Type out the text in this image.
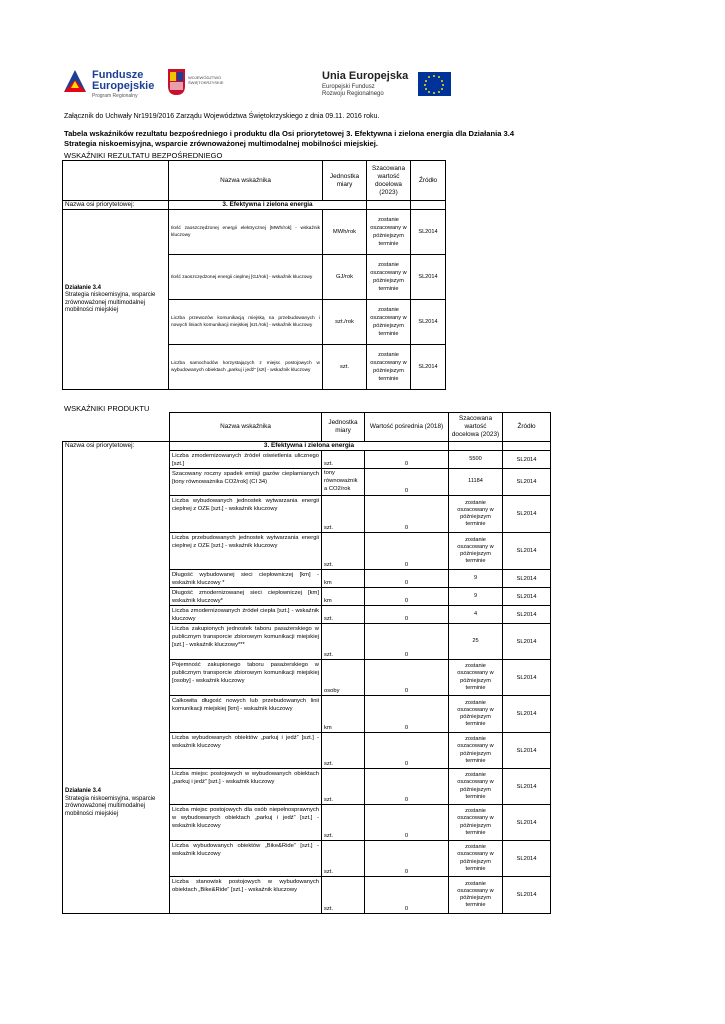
Fundusze
Europejskie
Program Regionalny
WOJEWÓDZTWO ŚWIĘTOKRZYSKIE
Unia Europejska
Europejski Fundusz
Rozwoju Regionalnego
Załącznik do Uchwały Nr1919/2016 Zarządu Województwa Świętokrzyskiego z dnia 09.11. 2016 roku.
Tabela wskaźników rezultatu bezpośredniego i produktu dla Osi priorytetowej 3. Efektywna i zielona energia dla Działania 3.4
Strategia niskoemisyjna, wsparcie zrównoważonej multimodalnej mobilności miejskiej.
WSKAŹNIKI REZULTATU BEZPOŚREDNIEGO
	Nazwa wskaźnika	Jednostka miary	Szacowana wartość docelowa (2023)	Źródło
Nazwa osi priorytetowej:	3. Efektywna i zielona energia			

Działanie 3.4
Strategia niskoemisyjna, wsparcie zrównoważonej multimodalnej mobilności miejskiej	Ilość zaoszczędzonej energii elektrycznej [MWh/rok] - wskaźnik kluczowy	MWh/rok	zostanie oszacowany w późniejszym terminie	SL2014
	Ilość zaoszczędzonej energii cieplnej [GJ/rok] - wskaźnik kluczowy	GJ/rok	zostanie oszacowany w późniejszym terminie	SL2014
	Liczba przewozów komunikacją miejską na przebudowanych i nowych liniach komunikacji miejskiej [szt./rok] - wskaźnik kluczowy	szt./rok	zostanie oszacowany w późniejszym terminie	SL2014
	Liczba samochodów korzystających z miejsc postojowych w wybudowanych obiektach „parkuj i jedź” [szt] - wskaźnik kluczowy	szt.	zostanie oszacowany w późniejszym terminie	SL2014
WSKAŹNIKI PRODUKTU
	Nazwa wskaźnika	Jednostka miary	Wartość pośrednia (2018)	Szacowana wartość docelowa (2023)	Źródło
Nazwa osi priorytetowej:	3. Efektywna i zielona energia				

Działanie 3.4
Strategia niskoemisyjna, wsparcie zrównoważonej multimodalnej mobilności miejskiej	Liczba zmodernizowanych źródeł oświetlenia ulicznego [szt.]	szt.	0	5500	SL2014
	Szacowany roczny spadek emisji gazów cieplarnianych [tony równoważnika CO2/rok] (CI 34)	tony równoważnik a CO2/rok	0	11184	SL2014
	Liczba wybudowanych jednostek wytwarzania energii cieplnej z OZE [szt.] - wskaźnik kluczowy	szt.	0	zostanie oszacowany w późniejszym terminie	SL2014
	Liczba przebudowanych jednostek wytwarzania energii cieplnej z OZE [szt.] - wskaźnik kluczowy	szt.	0	zostanie oszacowany w późniejszym terminie	SL2014
	Długość wybudowanej sieci ciepłowniczej [km] - wskaźnik kluczowy *	km	0	9	SL2014
	Długość zmodernizowanej sieci ciepłowniczej [km] wskaźnik kluczowy*	km	0	9	SL2014
	Liczba zmodernizowanych źródeł ciepła [szt.] - wskaźnik kluczowy	szt.	0	4	SL2014
	Liczba zakupionych jednostek taboru pasażerskiego w publicznym transporcie zbiorowym komunikacji miejskiej [szt.] - wskaźnik kluczowy***	szt.	0	25	SL2014
	Pojemność zakupionego taboru pasażerskiego w publicznym transporcie zbiorowym komunikacji miejskiej [osoby] - wskaźnik kluczowy	osoby	0	zostanie oszacowany w późniejszym terminie	SL2014
	Całkowita długość nowych lub przebudowanych linii komunikacji miejskiej [km] - wskaźnik kluczowy	km	0	zostanie oszacowany w późniejszym terminie	SL2014
	Liczba wybudowanych obiektów „parkuj i jedź” [szt.] - wskaźnik kluczowy	szt.	0	zostanie oszacowany w późniejszym terminie	SL2014
	Liczba miejsc postojowych w wybudowanych obiektach „parkuj i jedź” [szt.] - wskaźnik kluczowy	szt.	0	zostanie oszacowany w późniejszym terminie	SL2014
	Liczba miejsc postojowych dla osób niepełnosprawnych w wybudowanych obiektach „parkuj i jedź” [szt.] - wskaźnik kluczowy	szt.	0	zostanie oszacowany w późniejszym terminie	SL2014
	Liczba wybudowanych obiektów „Bike&Ride” [szt.] - wskaźnik kluczowy	szt.	0	zostanie oszacowany w późniejszym terminie	SL2014
	Liczba stanowisk postojowych w wybudowanych obiektach „Bike&Ride” [szt.] - wskaźnik kluczowy	szt.	0	zostanie oszacowany w późniejszym terminie	SL2014
